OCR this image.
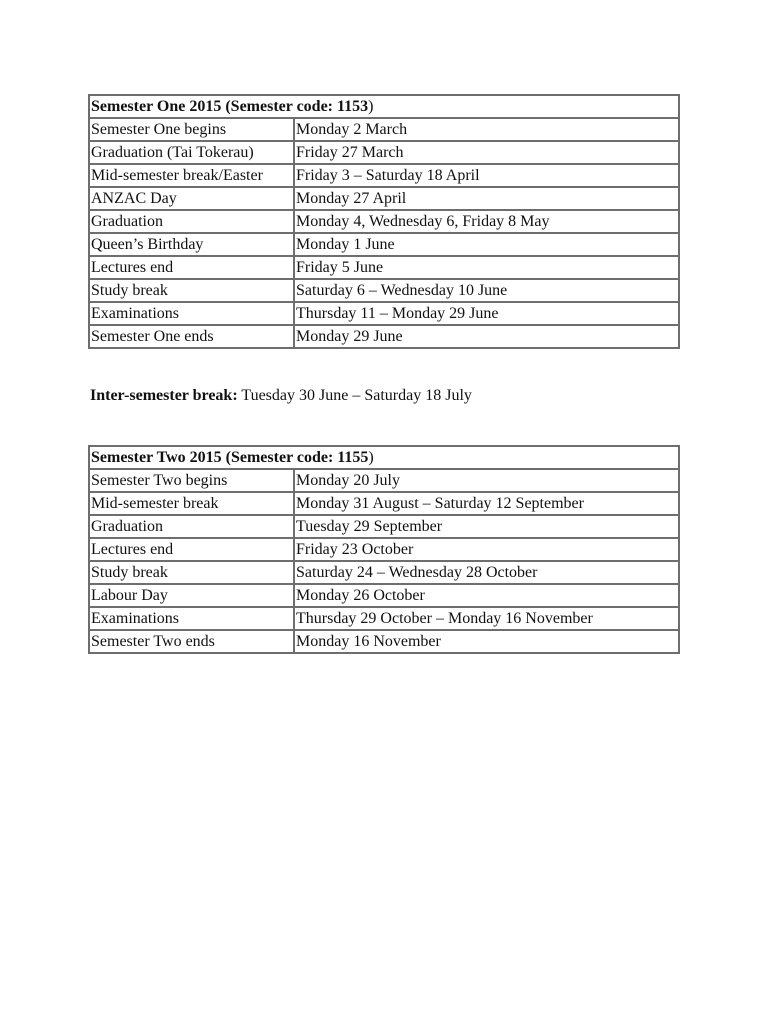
Semester One 2015 (Semester code: 1153)	
Semester One begins	Monday 2 March
Graduation (Tai Tokerau)	Friday 27 March
Mid-semester break/Easter	Friday 3 – Saturday 18 April
ANZAC Day	Monday 27 April
Graduation	Monday 4, Wednesday 6, Friday 8 May
Queen’s Birthday	Monday 1 June
Lectures end	Friday 5 June
Study break	Saturday 6 – Wednesday 10 June
Examinations	Thursday 11 – Monday 29 June
Semester One ends	Monday 29 June
Inter-semester break: Tuesday 30 June – Saturday 18 July
Semester Two 2015 (Semester code: 1155)	
Semester Two begins	Monday 20 July
Mid-semester break	Monday 31 August – Saturday 12 September
Graduation	Tuesday 29 September
Lectures end	Friday 23 October
Study break	Saturday 24 – Wednesday 28 October
Labour Day	Monday 26 October
Examinations	Thursday 29 October – Monday 16 November
Semester Two ends	Monday 16 November
